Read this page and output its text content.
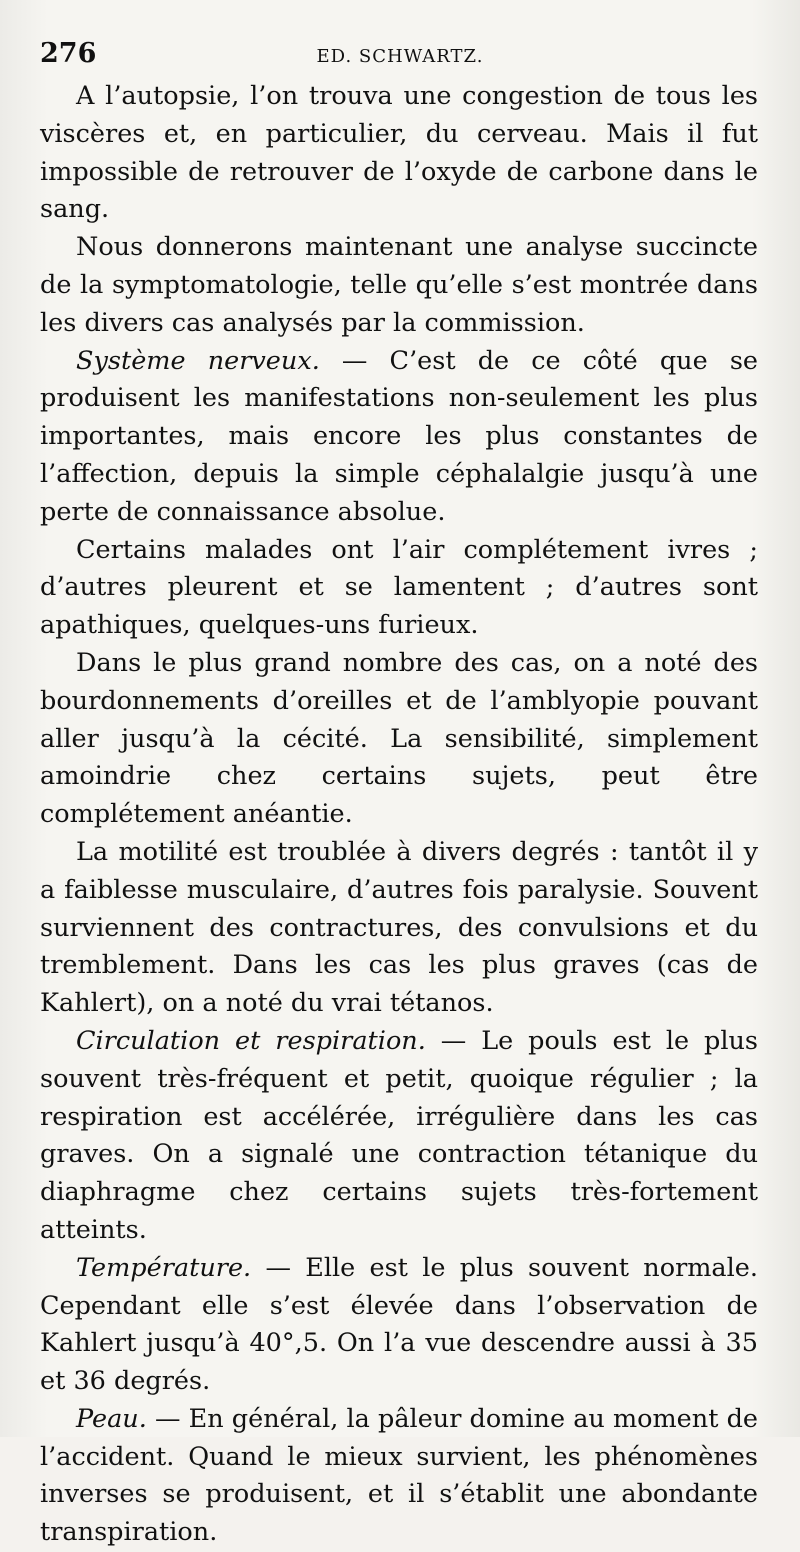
276	ED. SCHWARTZ.

A l’autopsie, l’on trouva une congestion de tous les viscères et, en particulier, du cerveau. Mais il fut impossible de retrouver de l’oxyde de carbone dans le sang.

Nous donnerons maintenant une analyse succincte de la symptomatologie, telle qu’elle s’est montrée dans les divers cas analysés par la commission.

Système nerveux. — C’est de ce côté que se produisent les manifestations non-seulement les plus importantes, mais encore les plus constantes de l’affection, depuis la simple céphalalgie jusqu’à une perte de connaissance absolue.

Certains malades ont l’air complétement ivres ; d’autres pleurent et se lamentent ; d’autres sont apathiques, quelques-uns furieux.

Dans le plus grand nombre des cas, on a noté des bourdonnements d’oreilles et de l’amblyopie pouvant aller jusqu’à la cécité. La sensibilité, simplement amoindrie chez certains sujets, peut être complétement anéantie.

La motilité est troublée à divers degrés : tantôt il y a faiblesse musculaire, d’autres fois paralysie. Souvent surviennent des contractures, des convulsions et du tremblement. Dans les cas les plus graves (cas de Kahlert), on a noté du vrai tétanos.

Circulation et respiration. — Le pouls est le plus souvent très-fréquent et petit, quoique régulier ; la respiration est accélérée, irrégulière dans les cas graves. On a signalé une contraction tétanique du diaphragme chez certains sujets très-fortement atteints.

Température. — Elle est le plus souvent normale. Cependant elle s’est élevée dans l’observation de Kahlert jusqu’à 40°,5. On l’a vue descendre aussi à 35 et 36 degrés.

Peau. — En général, la pâleur domine au moment de l’accident. Quand le mieux survient, les phénomènes inverses se produisent, et il s’établit une abondante transpiration.
